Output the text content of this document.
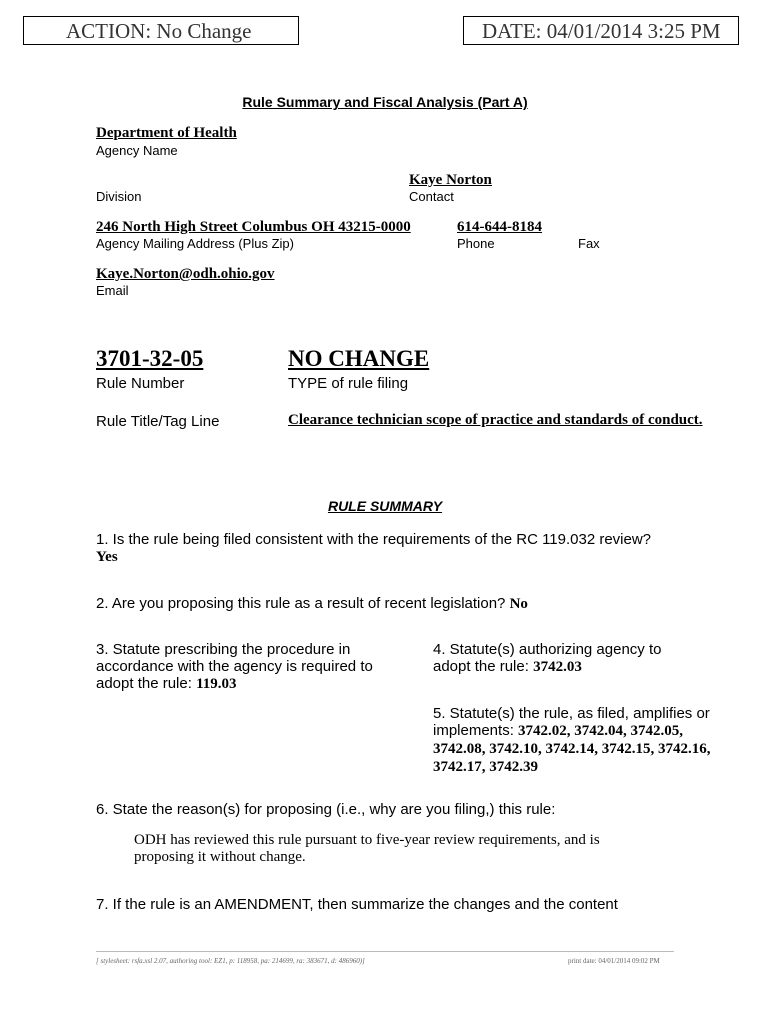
ACTION: No Change	DATE: 04/01/2014 3:25 PM
Rule Summary and Fiscal Analysis (Part A)
Department of Health
Agency Name
Kaye Norton
Division	Contact
246 North High Street Columbus OH 43215-0000	614-644-8184
Agency Mailing Address (Plus Zip)	Phone	Fax
Kaye.Norton@odh.ohio.gov
Email
3701-32-05	NO CHANGE
Rule Number	TYPE of rule filing
Rule Title/Tag Line	Clearance technician scope of practice and standards of conduct.
RULE SUMMARY
1. Is the rule being filed consistent with the requirements of the RC 119.032 review? Yes
2. Are you proposing this rule as a result of recent legislation? No
3. Statute prescribing the procedure in accordance with the agency is required to adopt the rule: 119.03
4. Statute(s) authorizing agency to adopt the rule: 3742.03
5. Statute(s) the rule, as filed, amplifies or implements: 3742.02, 3742.04, 3742.05, 3742.08, 3742.10, 3742.14, 3742.15, 3742.16, 3742.17, 3742.39
6. State the reason(s) for proposing (i.e., why are you filing,) this rule:
ODH has reviewed this rule pursuant to five-year review requirements, and is proposing it without change.
7. If the rule is an AMENDMENT, then summarize the changes and the content
[ stylesheet: rsfa.xsl 2.07, authoring tool: EZ1, p: 118958, pa: 214699, ra: 383671, d: 486960)]	print date: 04/01/2014 09:02 PM
